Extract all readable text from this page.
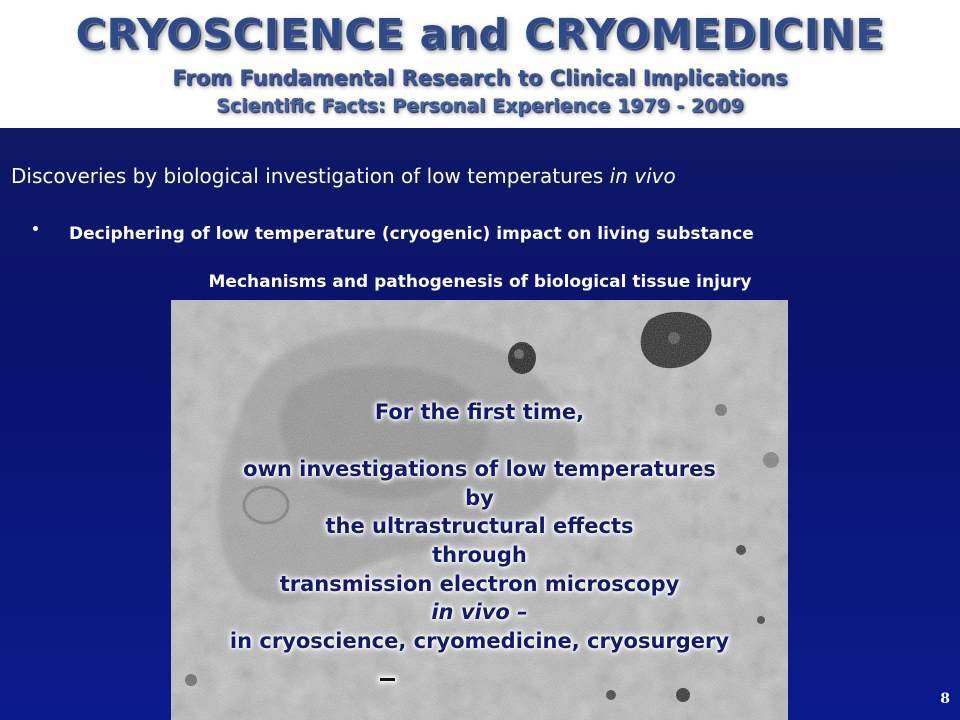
CRYOSCIENCE and CRYOMEDICINE
From Fundamental Research to Clinical Implications
Scientific Facts: Personal Experience 1979 - 2009
Discoveries by biological investigation of low temperatures in vivo
Deciphering of low temperature (cryogenic) impact on living substance
Mechanisms and pathogenesis of biological tissue injury
For the first time,
own investigations of low temperatures
by
the ultrastructural effects
through
transmission electron microscopy
in vivo –
in cryoscience, cryomedicine, cryosurgery
8
